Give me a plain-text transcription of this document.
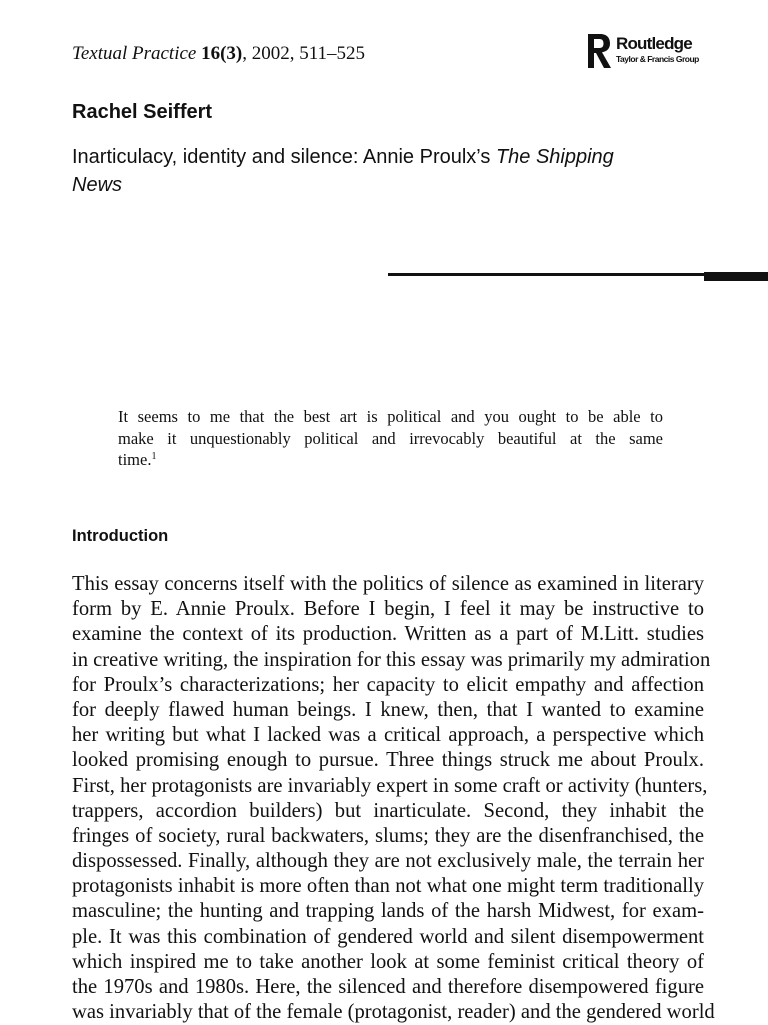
Textual Practice 16(3), 2002, 511–525	Routledge
Taylor & Francis Group
Rachel Seiffert
Inarticulacy, identity and silence: Annie Proulx’s The Shipping
News
It seems to me that the best art is political and you ought to be able to
make it unquestionably political and irrevocably beautiful at the same
time.$^1$
Introduction
This essay concerns itself with the politics of silence as examined in literary
form by E. Annie Proulx. Before I begin, I feel it may be instructive to
examine the context of its production. Written as a part of M.Litt. studies
in creative writing, the inspiration for this essay was primarily my admiration
for Proulx’s characterizations; her capacity to elicit empathy and affection
for deeply flawed human beings. I knew, then, that I wanted to examine
her writing but what I lacked was a critical approach, a perspective which
looked promising enough to pursue. Three things struck me about Proulx.
First, her protagonists are invariably expert in some craft or activity (hunters,
trappers, accordion builders) but inarticulate. Second, they inhabit the
fringes of society, rural backwaters, slums; they are the disenfranchised, the
dispossessed. Finally, although they are not exclusively male, the terrain her
protagonists inhabit is more often than not what one might term traditionally
masculine; the hunting and trapping lands of the harsh Midwest, for exam-
ple. It was this combination of gendered world and silent disempowerment
which inspired me to take another look at some feminist critical theory of
the 1970s and 1980s. Here, the silenced and therefore disempowered figure
was invariably that of the female (protagonist, reader) and the gendered world
